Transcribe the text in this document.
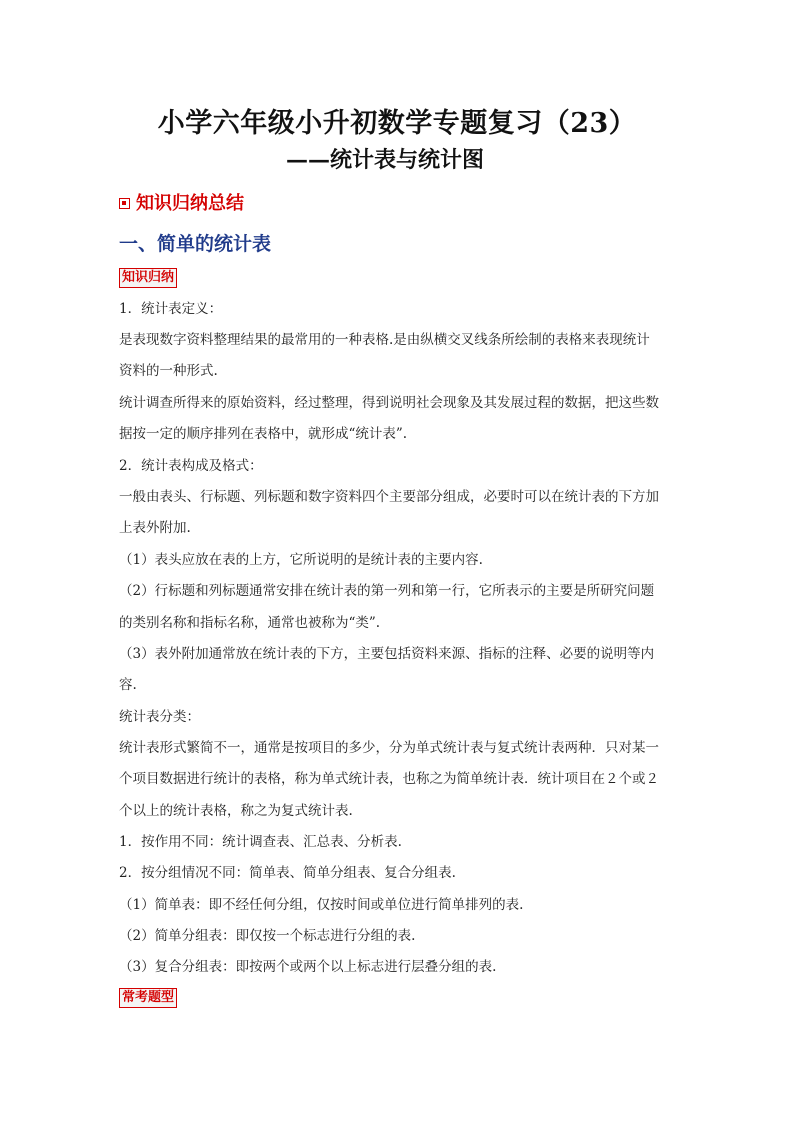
小学六年级小升初数学专题复习（23）
——统计表与统计图
知识归纳总结
一、简单的统计表
知识归纳
1．统计表定义：
是表现数字资料整理结果的最常用的一种表格.是由纵横交叉线条所绘制的表格来表现统计
资料的一种形式.
统计调查所得来的原始资料，经过整理，得到说明社会现象及其发展过程的数据，把这些数
据按一定的顺序排列在表格中，就形成“统计表”.
2．统计表构成及格式：
一般由表头、行标题、列标题和数字资料四个主要部分组成，必要时可以在统计表的下方加
上表外附加.
（1）表头应放在表的上方，它所说明的是统计表的主要内容.
（2）行标题和列标题通常安排在统计表的第一列和第一行，它所表示的主要是所研究问题
的类别名称和指标名称，通常也被称为“类”.
（3）表外附加通常放在统计表的下方，主要包括资料来源、指标的注释、必要的说明等内
容.
统计表分类：
统计表形式繁简不一，通常是按项目的多少，分为单式统计表与复式统计表两种．只对某一
个项目数据进行统计的表格，称为单式统计表，也称之为简单统计表．统计项目在２个或２
个以上的统计表格，称之为复式统计表.
1．按作用不同：统计调查表、汇总表、分析表.
2．按分组情况不同：简单表、简单分组表、复合分组表.
（1）简单表：即不经任何分组，仅按时间或单位进行简单排列的表.
（2）简单分组表：即仅按一个标志进行分组的表.
（3）复合分组表：即按两个或两个以上标志进行层叠分组的表.
常考题型
